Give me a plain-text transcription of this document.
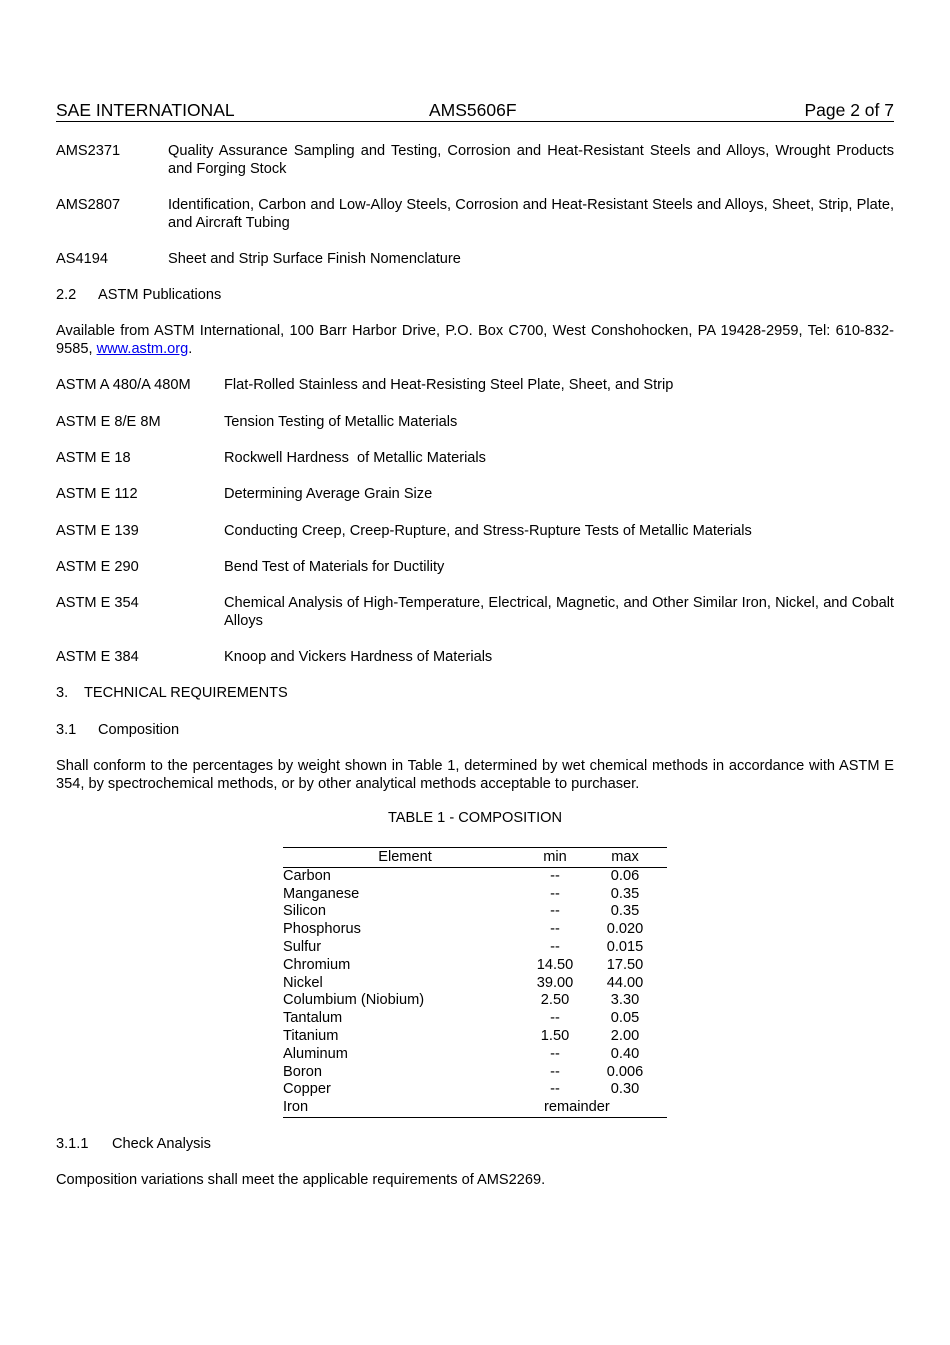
SAE INTERNATIONAL	AMS5606F	Page 2 of 7
AMS2371	Quality Assurance Sampling and Testing, Corrosion and Heat-Resistant Steels and Alloys, Wrought Products and Forging Stock
AMS2807	Identification, Carbon and Low-Alloy Steels, Corrosion and Heat-Resistant Steels and Alloys, Sheet, Strip, Plate, and Aircraft Tubing
AS4194	Sheet and Strip Surface Finish Nomenclature
2.2 ASTM Publications
Available from ASTM International, 100 Barr Harbor Drive, P.O. Box C700, West Conshohocken, PA 19428-2959, Tel: 610-832-9585, www.astm.org.
ASTM A 480/A 480M Flat-Rolled Stainless and Heat-Resisting Steel Plate, Sheet, and Strip
ASTM E 8/E 8M	Tension Testing of Metallic Materials
ASTM E 18	Rockwell Hardness  of Metallic Materials
ASTM E 112	Determining Average Grain Size
ASTM E 139	Conducting Creep, Creep-Rupture, and Stress-Rupture Tests of Metallic Materials
ASTM E 290	Bend Test of Materials for Ductility
ASTM E 354	Chemical Analysis of High-Temperature, Electrical, Magnetic, and Other Similar Iron, Nickel, and Cobalt Alloys
ASTM E 384	Knoop and Vickers Hardness of Materials
3. TECHNICAL REQUIREMENTS
3.1 Composition
Shall conform to the percentages by weight shown in Table 1, determined by wet chemical methods in accordance with ASTM E 354, by spectrochemical methods, or by other analytical methods acceptable to purchaser.
TABLE 1 - COMPOSITION
Element	min	max
Carbon	--	0.06
Manganese	--	0.35
Silicon	--	0.35
Phosphorus	--	0.020
Sulfur	--	0.015
Chromium	14.50	17.50
Nickel	39.00	44.00
Columbium (Niobium)	2.50	3.30
Tantalum	--	0.05
Titanium	1.50	2.00
Aluminum	--	0.40
Boron	--	0.006
Copper	--	0.30
Iron	remainder	
3.1.1 Check Analysis
Composition variations shall meet the applicable requirements of AMS2269.
